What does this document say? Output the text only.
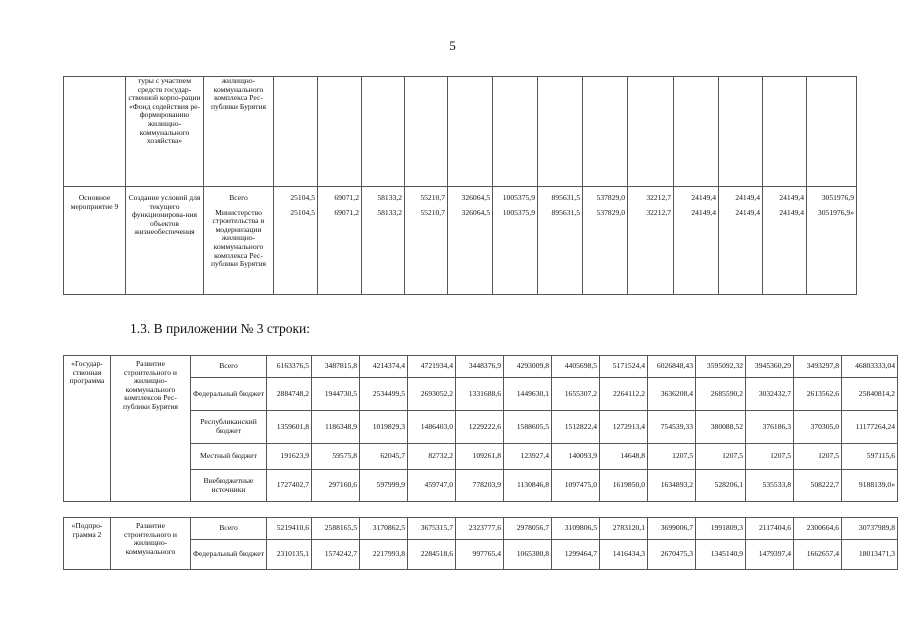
5
	туры с участием средств государ-ственной корпо-рации «Фонд содействия ре-формированию жилищно-коммунального хозяйства»	жилищно-коммунального комплекса Рес-публики Бурятия													
Основное мероприятие 9	Создание условий для текущего функционирова-ния объектов жизнеобеспечения	Всего	25104,5	69071,2	58133,2	55210,7	326064,5	1005375,9	895631,5	537829,0	32212,7	24149,4	24149,4	24149,4	3051976,9
		Министерство строительства и модернизации жилищно-коммунального комплекса Рес-публики Бурятия	25104,5	69071,2	58133,2	55210,7	326064,5	1005375,9	895631,5	537829,0	32212,7	24149,4	24149,4	24149,4	3051976,9»
1.3. В приложении № 3 строки:
«Государ-ственная программа	Развитие строительного и жилищно-коммунального комплексов Рес-публики Бурятия	Всего	6163376,5	3487815,8	4214374,4	4721934,4	3448376,9	4293009,8	4405698,5	5171524,4	6026848,43	3595092,32	3945360,29	3493297,8	46803333,04
		Федеральный бюджет	2884748,2	1944730,5	2534499,5	2693052,2	1331688,6	1449630,1	1655307,2	2264112,2	3636208,4	2685590,2	3032432,7	2613562,6	25840814,2
		Республиканский бюджет	1359601,8	1186348,9	1019829,3	1486403,0	1229222,6	1588605,5	1512822,4	1272913,4	754539,33	380088,52	376186,3	370305,0	11177264,24
		Местный бюджет	191623,9	59575,8	62045,7	82732,2	109261,8	123927,4	140093,9	14648,8	1207,5	1207,5	1207,5	1207,5	597115,6
		Внебюджетные источники	1727402,7	297160,6	597999,9	459747,0	778203,9	1130846,8	1097475,0	1619850,0	1634893,2	528206,1	535533,8	508222,7	9188139,0»
«Подпро-грамма 2	Развитие строительного и жилищно-коммунального	Всего	5219410,6	2588165,5	3170862,5	3675315,7	2323777,6	2978056,7	3109806,5	2783120,1	3699006,7	1991809,3	2117404,6	2300664,6	30737989,8
		Федеральный бюджет	2310135,1	1574242,7	2217993,8	2284518,6	997765,4	1065380,8	1299464,7	1416434,3	2670475,3	1345140,9	1479397,4	1662657,4	18013471,3
